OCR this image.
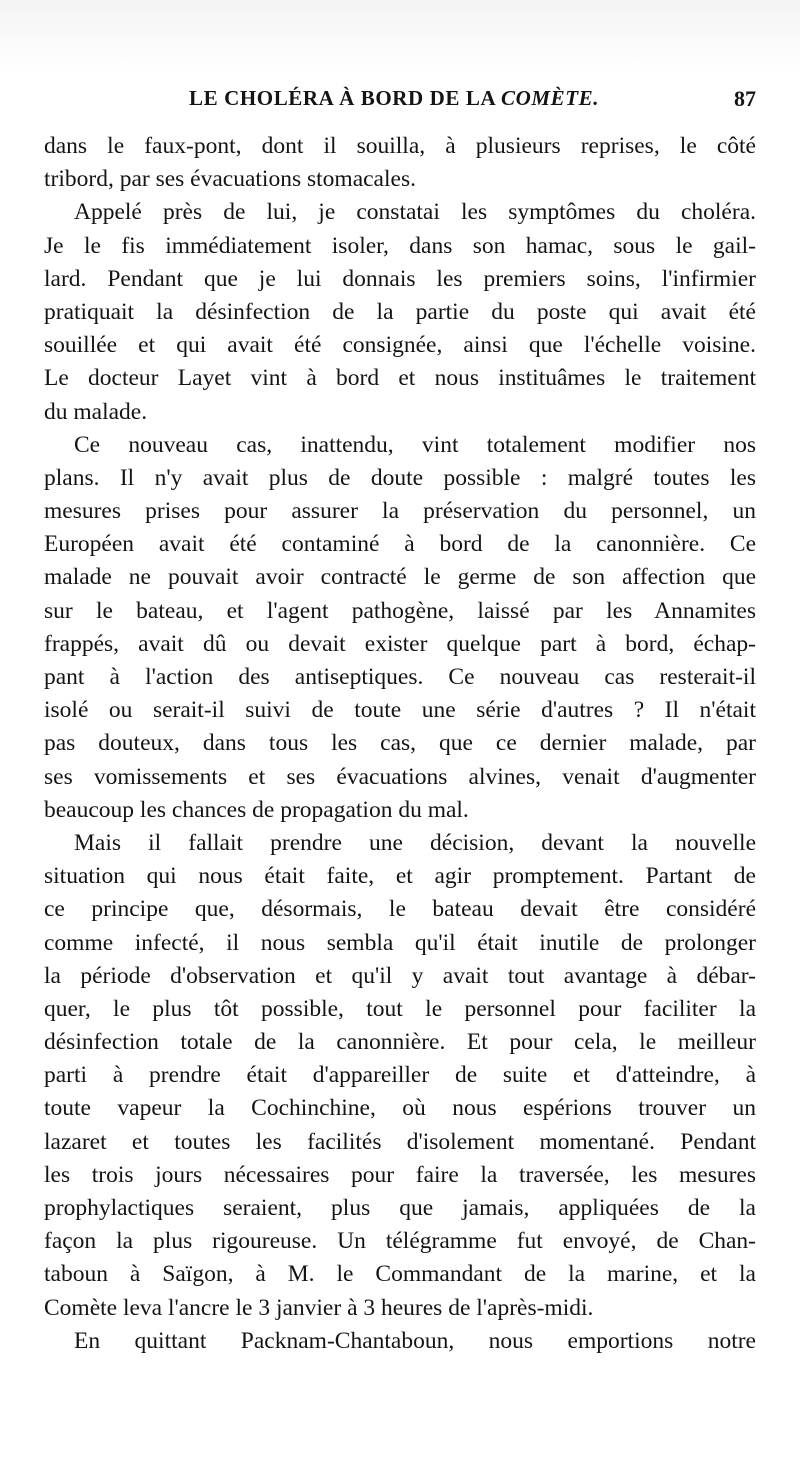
LE CHOLÉRA À BORD DE LA COMÈTE.	87
dans le faux-pont, dont il souilla, à plusieurs reprises, le côté
tribord, par ses évacuations stomacales.
Appelé près de lui, je constatai les symptômes du choléra.
Je le fis immédiatement isoler, dans son hamac, sous le gail-
lard. Pendant que je lui donnais les premiers soins, l'infirmier
pratiquait la désinfection de la partie du poste qui avait été
souillée et qui avait été consignée, ainsi que l'échelle voisine.
Le docteur Layet vint à bord et nous instituâmes le traitement
du malade.
Ce nouveau cas, inattendu, vint totalement modifier nos
plans. Il n'y avait plus de doute possible : malgré toutes les
mesures prises pour assurer la préservation du personnel, un
Européen avait été contaminé à bord de la canonnière. Ce
malade ne pouvait avoir contracté le germe de son affection que
sur le bateau, et l'agent pathogène, laissé par les Annamites
frappés, avait dû ou devait exister quelque part à bord, échap-
pant à l'action des antiseptiques. Ce nouveau cas resterait-il
isolé ou serait-il suivi de toute une série d'autres ? Il n'était
pas douteux, dans tous les cas, que ce dernier malade, par
ses vomissements et ses évacuations alvines, venait d'augmenter
beaucoup les chances de propagation du mal.
Mais il fallait prendre une décision, devant la nouvelle
situation qui nous était faite, et agir promptement. Partant de
ce principe que, désormais, le bateau devait être considéré
comme infecté, il nous sembla qu'il était inutile de prolonger
la période d'observation et qu'il y avait tout avantage à débar-
quer, le plus tôt possible, tout le personnel pour faciliter la
désinfection totale de la canonnière. Et pour cela, le meilleur
parti à prendre était d'appareiller de suite et d'atteindre, à
toute vapeur la Cochinchine, où nous espérions trouver un
lazaret et toutes les facilités d'isolement momentané. Pendant
les trois jours nécessaires pour faire la traversée, les mesures
prophylactiques seraient, plus que jamais, appliquées de la
façon la plus rigoureuse. Un télégramme fut envoyé, de Chan-
taboun à Saïgon, à M. le Commandant de la marine, et la
Comète leva l'ancre le 3 janvier à 3 heures de l'après-midi.
En quittant Packnam-Chantaboun, nous emportions notre
